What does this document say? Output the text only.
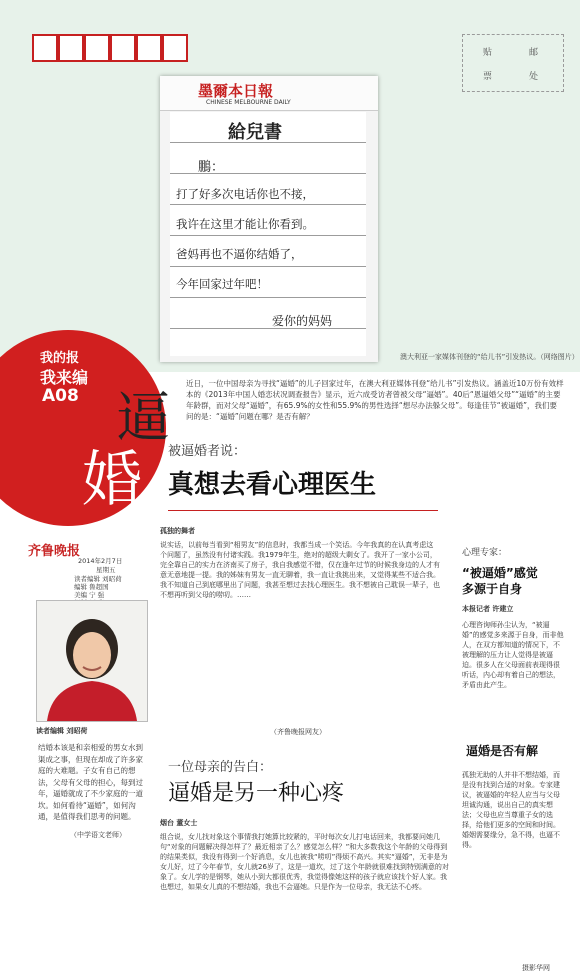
贴	邮
票	处
墨爾本日報
CHINESE MELBOURNE DAILY
給兒書
鵬：
打了好多次电话你也不接，
我许在这里才能让你看到。
爸妈再也不逼你结婚了，
今年回家过年吧！
爱你的妈妈
澳大利亚一家媒体刊登的“给儿书”引发热议。（网络图片）
我的报
我来编
A08 逼
婚
齐鲁晚报
2014年2月7日
星期五
读者编辑 刘昭荷
编辑 鲁超国
美编 宁 强
近日，一位中国母亲为寻找“逼婚”的儿子回家过年，在澳大利亚媒体刊登“给儿书”引发热议。涵盖近10万份有效样本的《2013年中国人婚恋状况调查报告》显示，近六成受访者曾被父母“逼婚”。40后“恩逼婚父母”“逼婚”的主要年龄群，而对父母“逼婚”，有65.9%的女性和55.9%的男性选择“想尽办法躲父母”。每逢佳节“被逼婚”，我们要问的是：“逼婚”问题在哪？是否有解？
被逼婚者说：
真想去看心理医生
孤独的舞者
说实话，以前每当看到“相男友”的信息时，我都当成一个笑话。今年我真的在认真考虑这个问题了，虽然没有付诸实践。我1979年生，绝对的超级大剩女了。我开了一家小公司，完全靠自己的实力在济南买了房子，我自我感觉不错，仅在逢年过节的时候我身边的人才有意无意地提一提。我的姊妹有男友一直无聊着，我一直让我挑出来，又觉得某些不适合我。我不知道自己到底哪里出了问题，我甚至想过去找心理医生。我不想被自己耽误一辈子，也不想再听到父母的唠叨。……
（齐鲁晚报网友）
一位母亲的告白：
逼婚是另一种心疼
烟台 董女士
组合说，女儿找对象这个事情我打她算比较紧的，平时每次女儿打电话回来，我都要问她几句“对象的问题解决得怎样了？最近相亲了么？感觉怎么样？”和大多数我这个年龄的父母得到的结果类似，我没有得到一个好消息，女儿也被我“唠叨”得烦不高兴。其实“逼婚”，无非是为女儿好，过了今年春节，女儿就26岁了，这是一道坎，过了这个年龄就很难找到特别满意的对象了。女儿学的是钢琴，她从小到大都很优秀，我觉得像她这样的孩子就应该找个好人家。我也想过，如果女儿真的不想结婚，我也不会逼她。只是作为一位母亲，我无法不心疼。
读者编辑 刘昭荷
结婚本该是和亲相爱的男女水到渠成之事，但现在却成了许多家庭的大难题。子女有自己的想法，父母有父母的担心，每到过年，逼婚就成了不少家庭的一道坎。如何看待“逼婚”，如何沟通，是值得我们思考的问题。
（中学语文老师）
心理专家：
“被逼婚”感觉
多源于自身
本报记者 许建立
心理咨询师孙尘认为，“被逼婚”的感觉多来源于自身，而非他人，在双方都知道的情况下，不被理解的压力让人觉得是被逼迫。很多人在父母面前表现得很听话，内心却有着自己的想法，矛盾由此产生。
逼婚是否有解
孤独无助的人并非不想结婚，而是没有找到合适的对象。专家建议，被逼婚的年轻人应当与父母坦诚沟通，说出自己的真实想法；父母也应当尊重子女的选择，给他们更多的空间和时间。婚姻需要缘分，急不得，也逼不得。
摄影华网
